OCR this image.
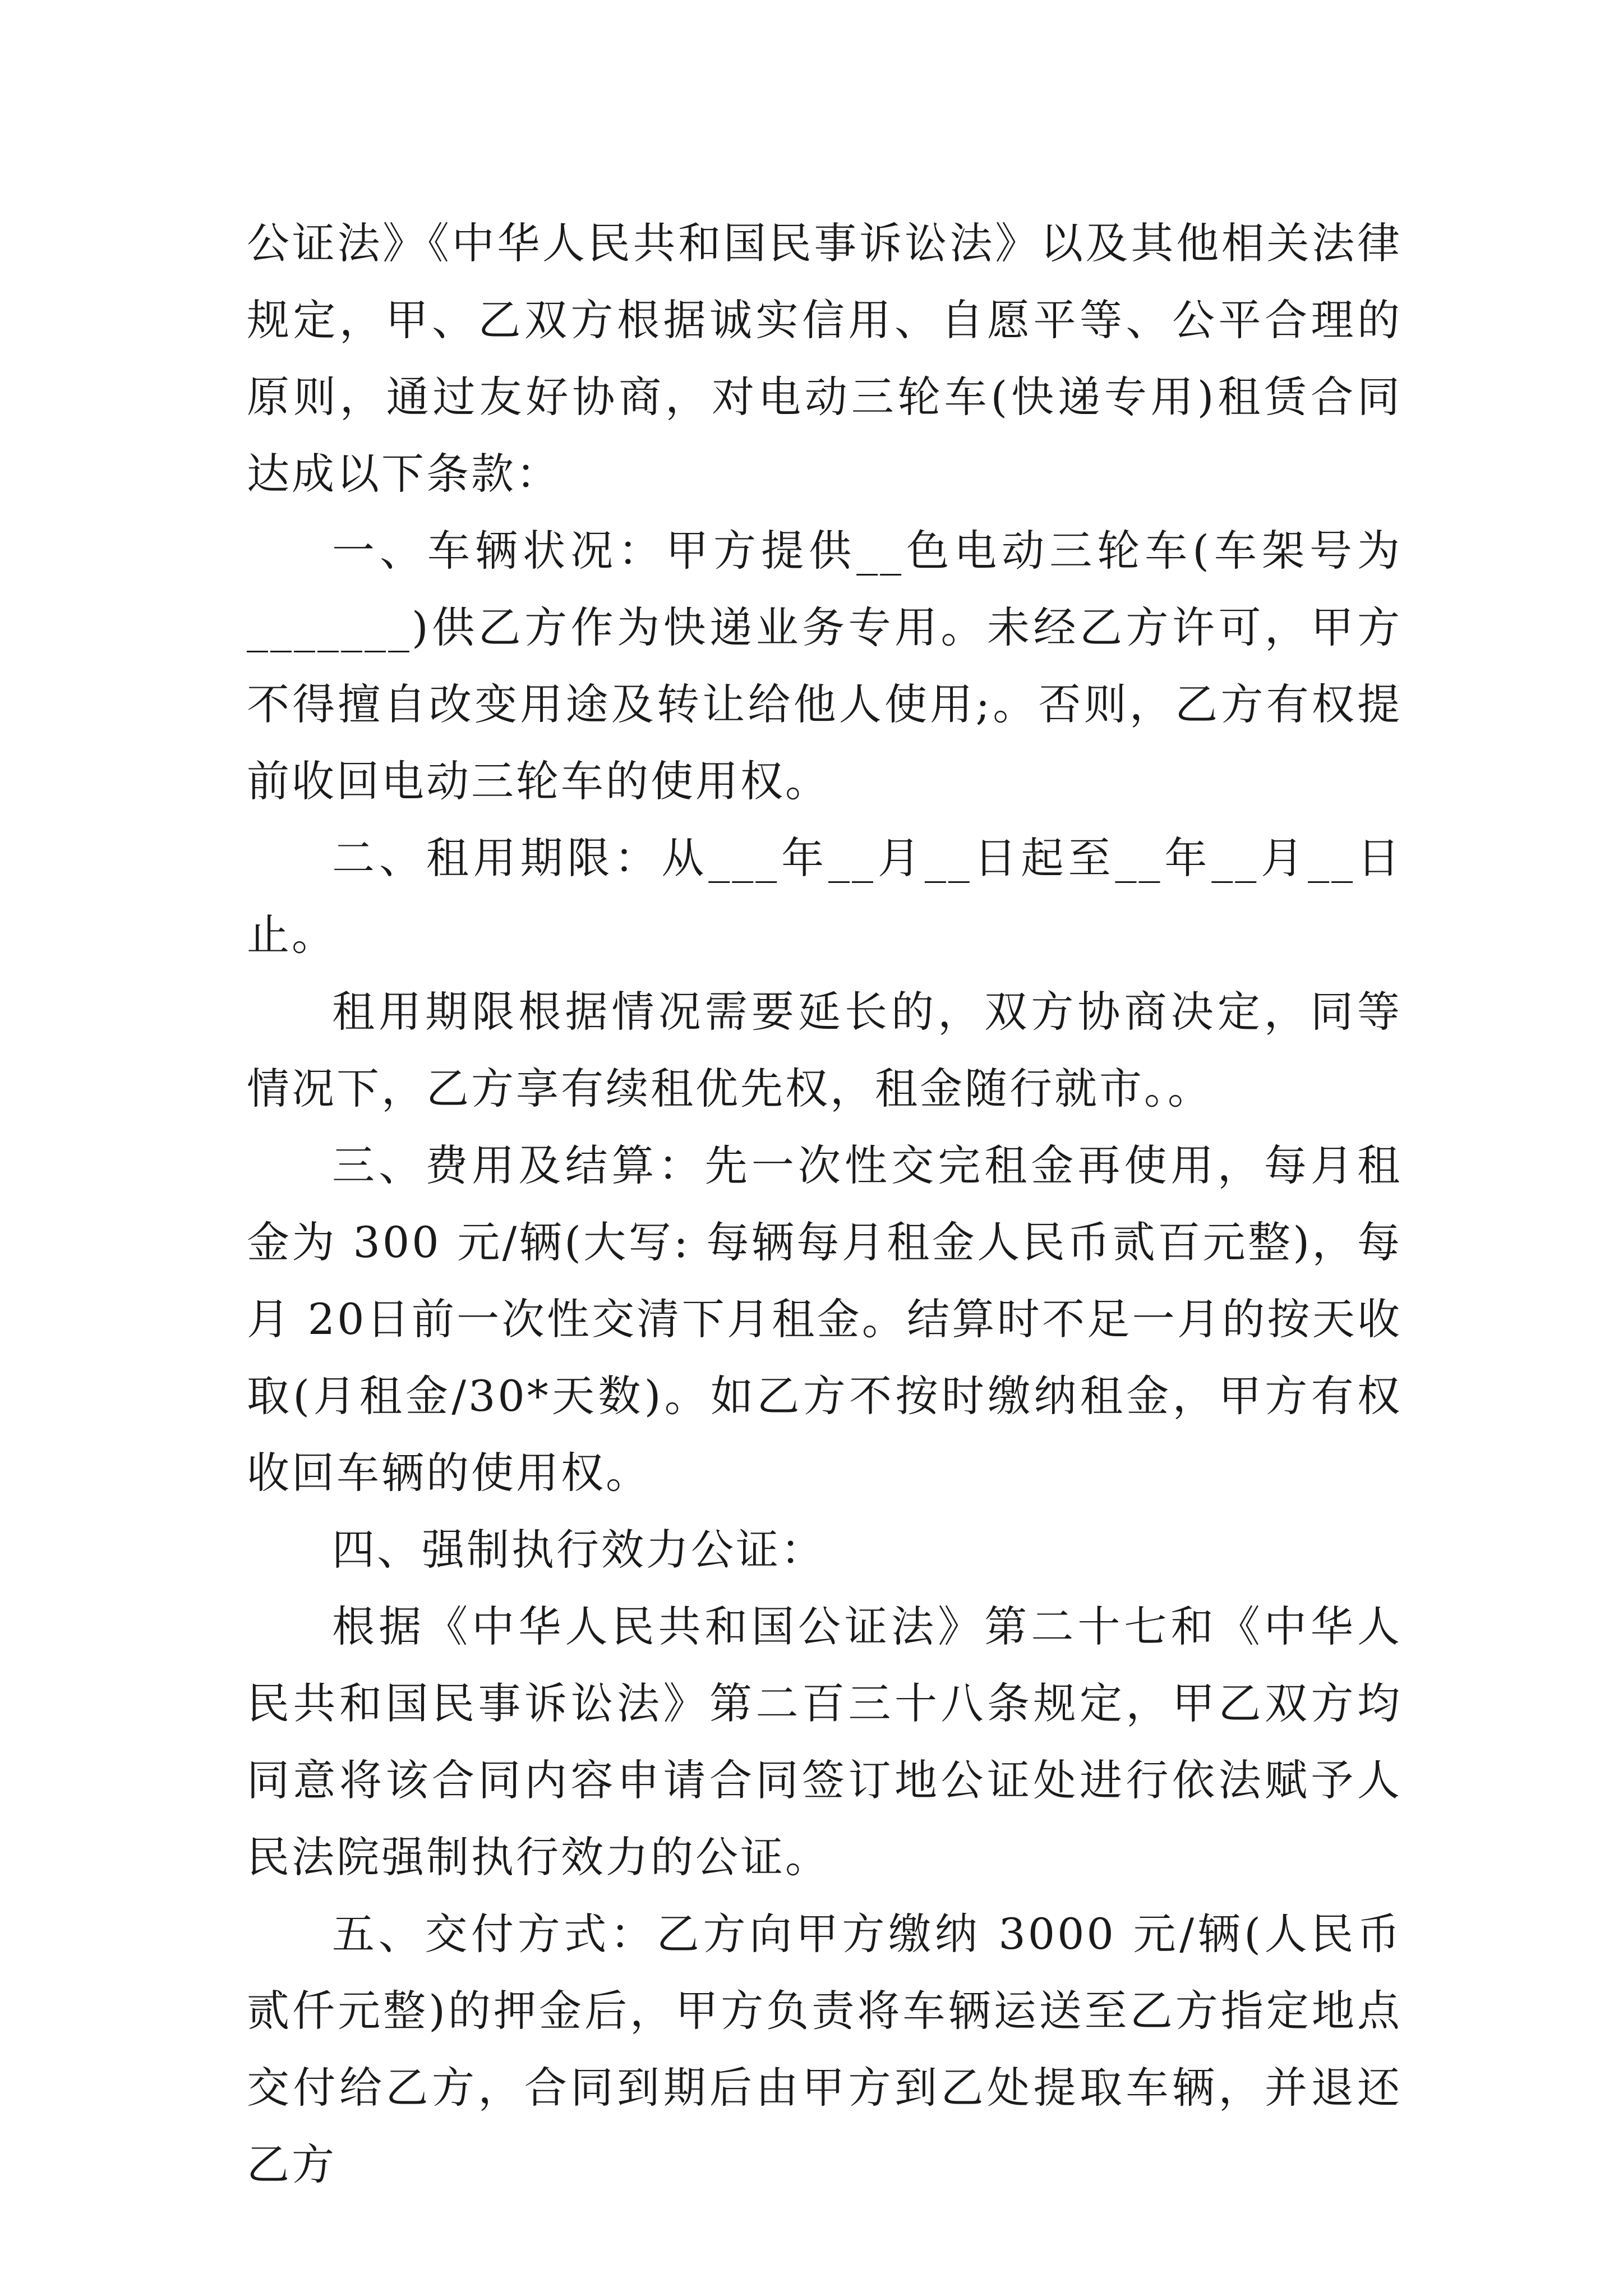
公证法》《中华人民共和国民事诉讼法》以及其他相关法律规定，甲、乙双方根据诚实信用、自愿平等、公平合理的原则，通过友好协商，对电动三轮车(快递专用)租赁合同达成以下条款：

一、车辆状况：甲方提供__色电动三轮车(车架号为_______)供乙方作为快递业务专用。未经乙方许可，甲方不得擅自改变用途及转让给他人使用;。否则，乙方有权提前收回电动三轮车的使用权。

二、租用期限：从___年__月__日起至__年__月__日止。

租用期限根据情况需要延长的，双方协商决定，同等情况下，乙方享有续租优先权，租金随行就市。。

三、费用及结算：先一次性交完租金再使用，每月租金为 300 元/辆(大写: 每辆每月租金人民币贰百元整)，每月 20日前一次性交清下月租金。结算时不足一月的按天收取(月租金/30*天数)。如乙方不按时缴纳租金，甲方有权收回车辆的使用权。

四、强制执行效力公证：

根据《中华人民共和国公证法》第二十七和《中华人民共和国民事诉讼法》第二百三十八条规定，甲乙双方均同意将该合同内容申请合同签订地公证处进行依法赋予人民法院强制执行效力的公证。

五、交付方式：乙方向甲方缴纳 3000 元/辆(人民币贰仟元整)的押金后，甲方负责将车辆运送至乙方指定地点交付给乙方，合同到期后由甲方到乙处提取车辆，并退还乙方
